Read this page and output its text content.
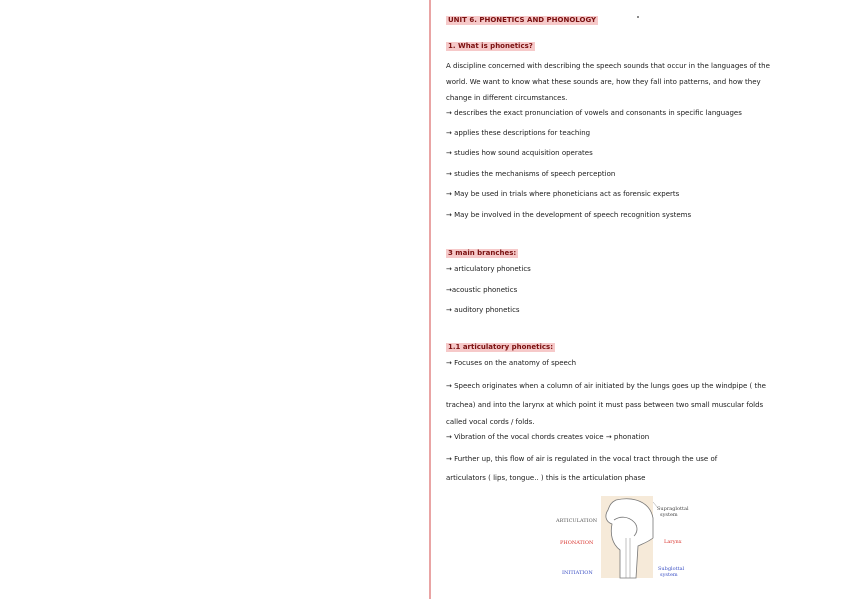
UNIT 6. PHONETICS AND PHONOLOGY
1. What is phonetics?
A discipline concerned with describing the speech sounds that occur in the languages of the
world. We want to know what these sounds are, how they fall into patterns, and how they
change in different circumstances.
→ describes the exact pronunciation of vowels and consonants in specific languages
→ applies these descriptions for teaching
→ studies how sound acquisition operates
→ studies the mechanisms of speech perception
→ May be used in trials where phoneticians act as forensic experts
→ May be involved in the development of speech recognition systems
3 main branches:
→ articulatory phonetics
→acoustic phonetics
→ auditory phonetics
1.1 articulatory phonetics:
→ Focuses on the anatomy of speech
→ Speech originates when a column of air initiated by the lungs goes up the windpipe ( the
trachea) and into the larynx at which point it must pass between two small muscular folds
called vocal cords / folds.
→ Vibration of the vocal chords creates voice → phonation
→ Further up, this flow of air is regulated in the vocal tract through the use of
articulators ( lips, tongue.. ) this is the articulation phase
ARTICULATION
PHONATION
INITIATION
Supraglottal
system
Larynx
Subglottal
system
